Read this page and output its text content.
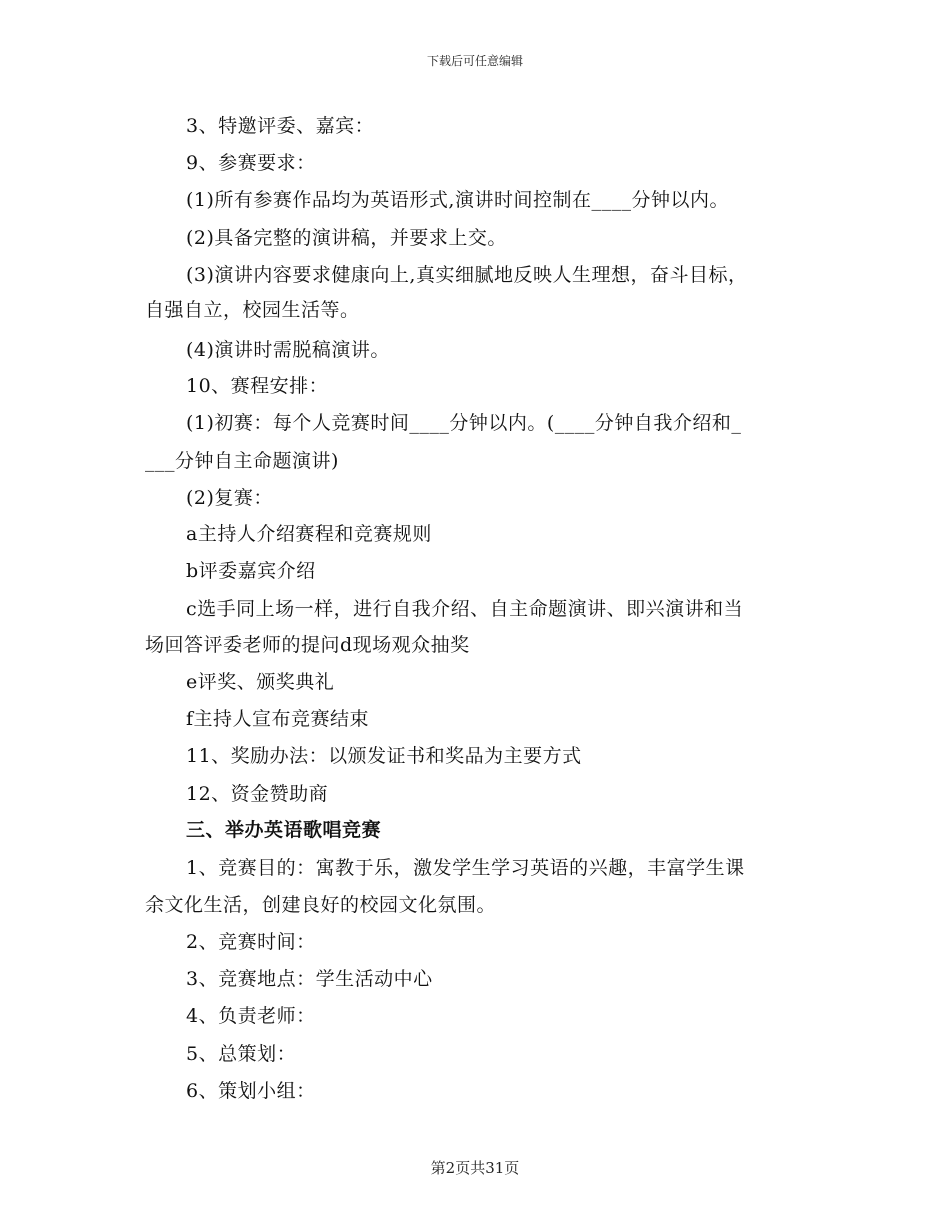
下载后可任意编辑
3、特邀评委、嘉宾：
9、参赛要求：
(1)所有参赛作品均为英语形式,演讲时间控制在____分钟以内。
(2)具备完整的演讲稿，并要求上交。
(3)演讲内容要求健康向上,真实细腻地反映人生理想，奋斗目标，
自强自立，校园生活等。
(4)演讲时需脱稿演讲。
10、赛程安排：
(1)初赛：每个人竞赛时间____分钟以内。(____分钟自我介绍和_
___分钟自主命题演讲)
(2)复赛：
a主持人介绍赛程和竞赛规则
b评委嘉宾介绍
c选手同上场一样，进行自我介绍、自主命题演讲、即兴演讲和当
场回答评委老师的提问d现场观众抽奖
e评奖、颁奖典礼
f主持人宣布竞赛结束
11、奖励办法：以颁发证书和奖品为主要方式
12、资金赞助商
三、举办英语歌唱竞赛
1、竞赛目的：寓教于乐，激发学生学习英语的兴趣，丰富学生课
余文化生活，创建良好的校园文化氛围。
2、竞赛时间：
3、竞赛地点：学生活动中心
4、负责老师：
5、总策划：
6、策划小组：
第2页共31页
